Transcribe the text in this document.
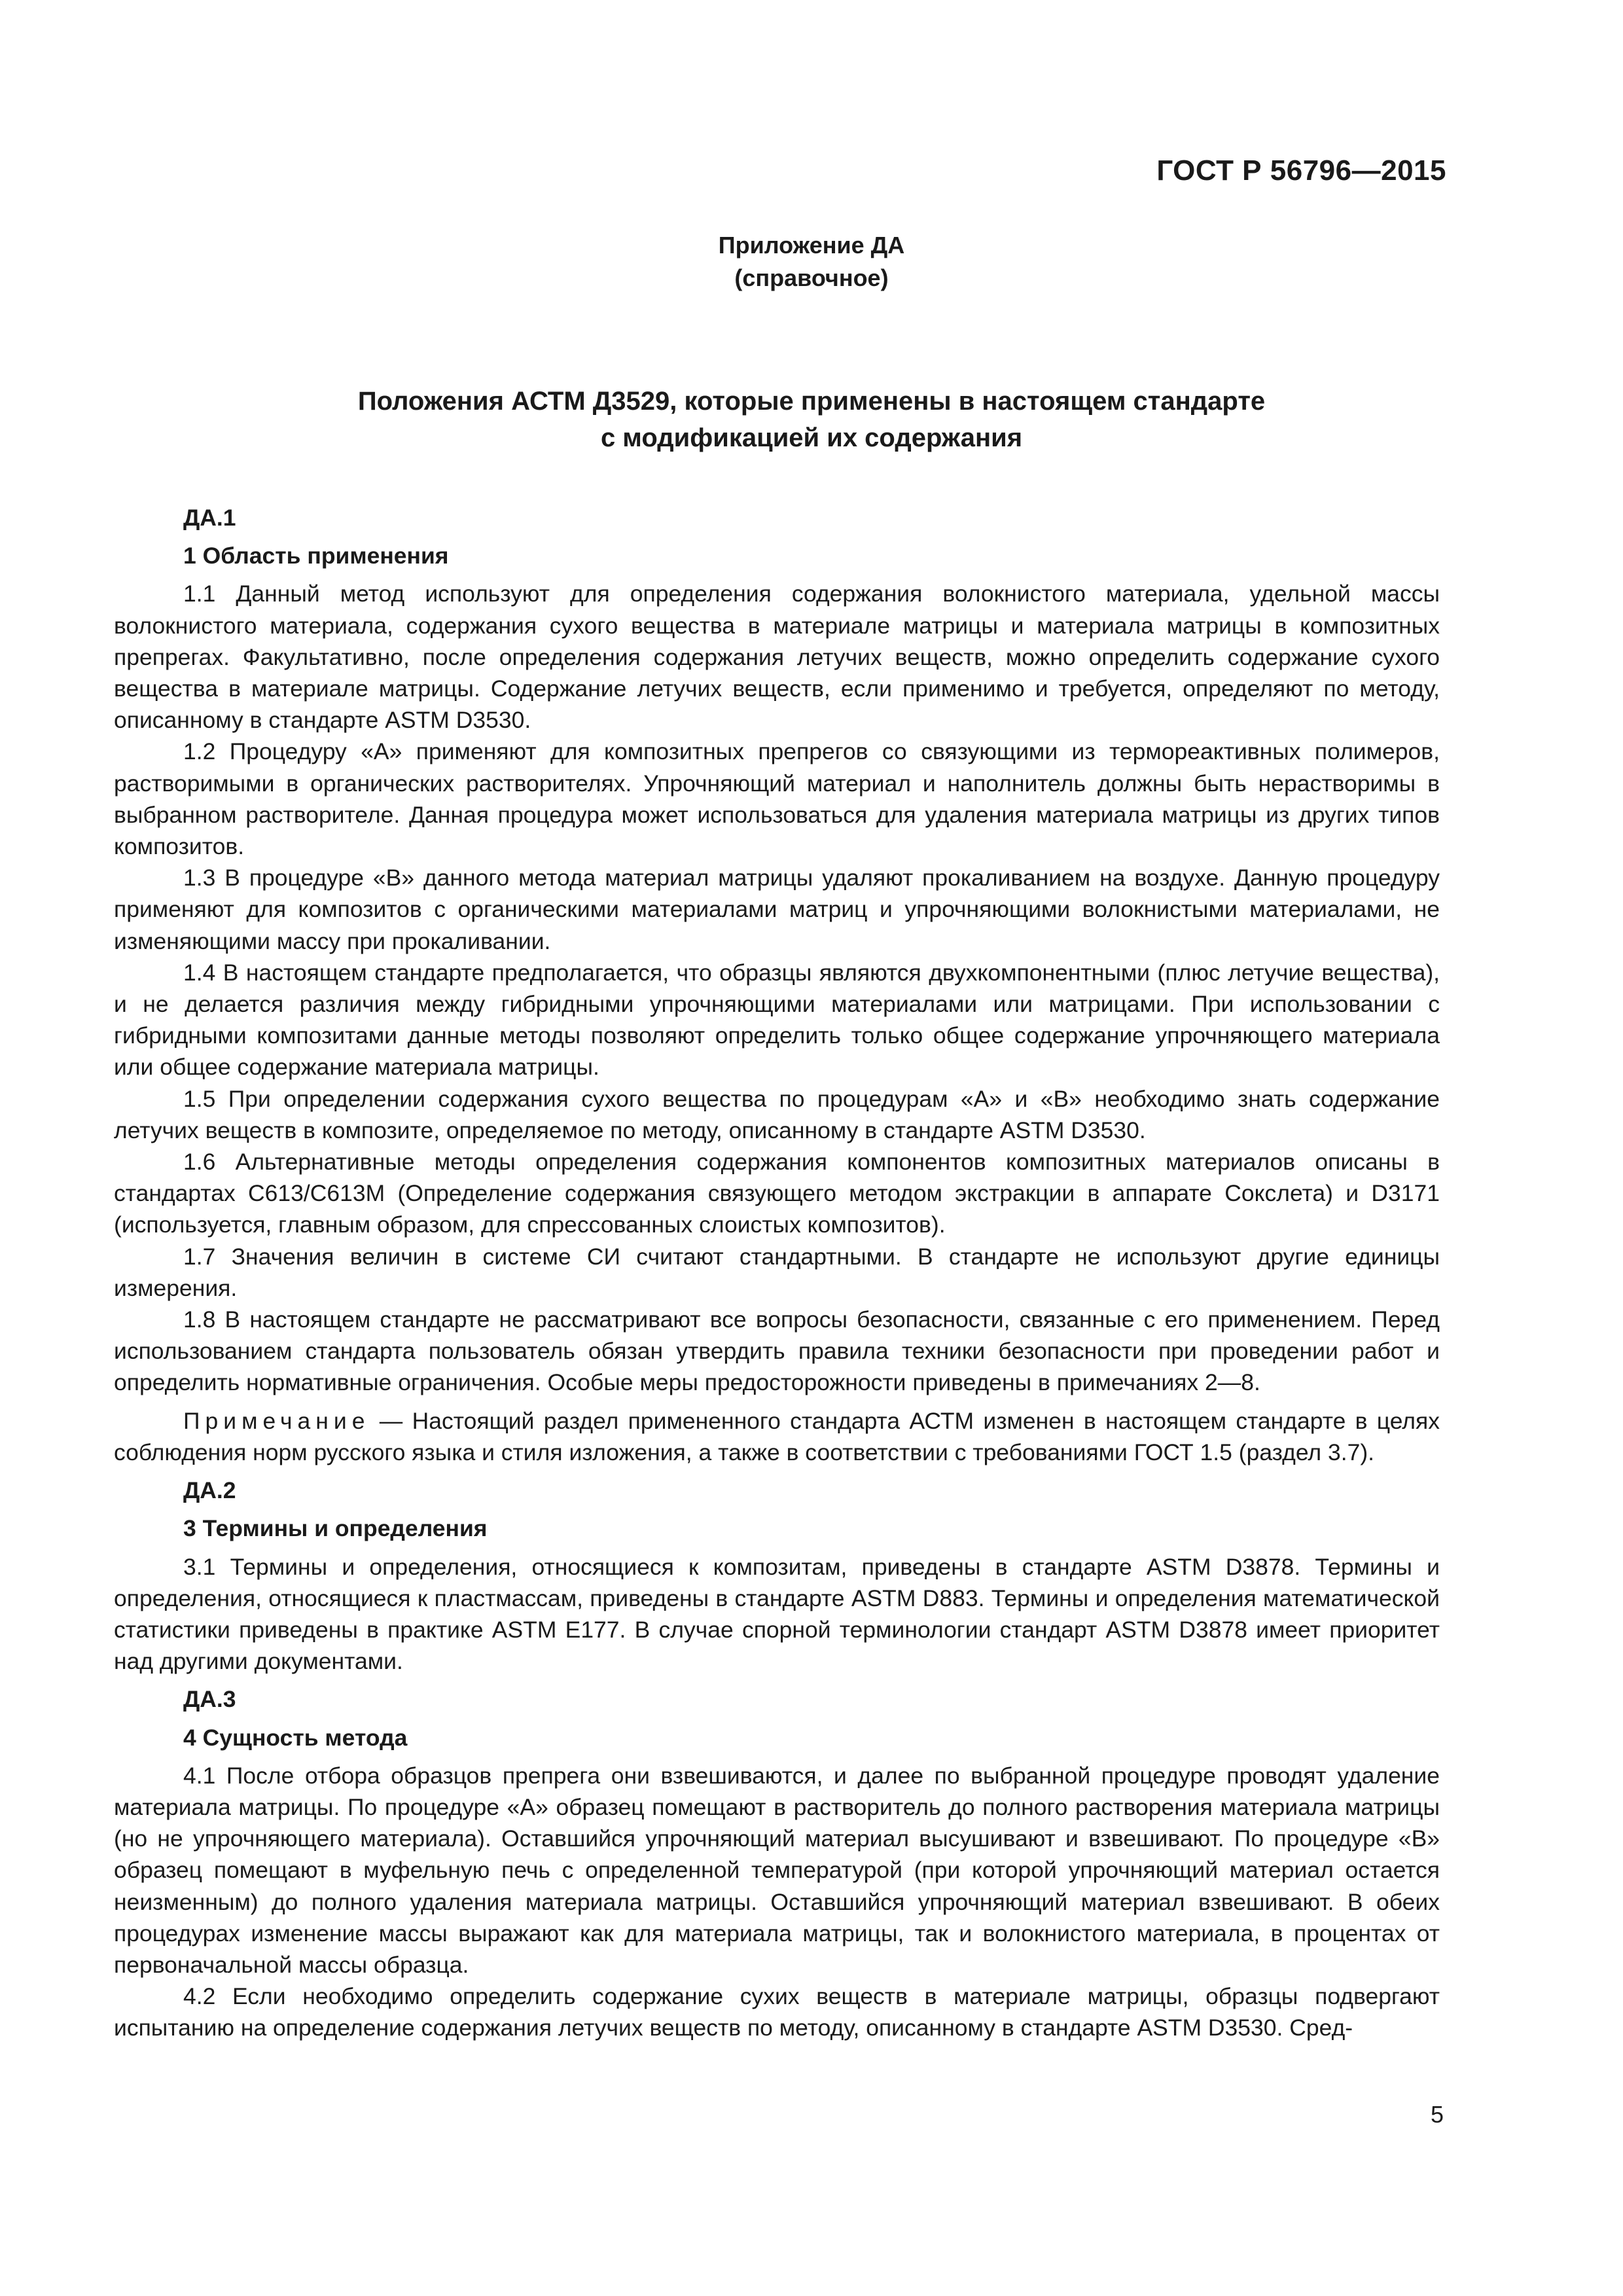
ГОСТ Р 56796—2015
Приложение ДА
(справочное)
Положения АСТМ Д3529, которые применены в настоящем стандарте
с модификацией их содержания
ДА.1
1 Область применения

1.1 Данный метод используют для определения содержания волокнистого материала, удельной массы волокнистого материала, содержания сухого вещества в материале матрицы и материала матрицы в композитных препрегах. Факультативно, после определения содержания летучих веществ, можно определить содержание сухого вещества в материале матрицы. Содержание летучих веществ, если применимо и требуется, определяют по методу, описанному в стандарте ASTM D3530.

1.2 Процедуру «А» применяют для композитных препрегов со связующими из термореактивных полимеров, растворимыми в органических растворителях. Упрочняющий материал и наполнитель должны быть нерастворимы в выбранном растворителе. Данная процедура может использоваться для удаления материала матрицы из других типов композитов.

1.3 В процедуре «В» данного метода материал матрицы удаляют прокаливанием на воздухе. Данную процедуру применяют для композитов с органическими материалами матриц и упрочняющими волокнистыми материалами, не изменяющими массу при прокаливании.

1.4 В настоящем стандарте предполагается, что образцы являются двухкомпонентными (плюс летучие вещества), и не делается различия между гибридными упрочняющими материалами или матрицами. При использовании с гибридными композитами данные методы позволяют определить только общее содержание упрочняющего материала или общее содержание материала матрицы.

1.5 При определении содержания сухого вещества по процедурам «А» и «В» необходимо знать содержание летучих веществ в композите, определяемое по методу, описанному в стандарте ASTM D3530.

1.6 Альтернативные методы определения содержания компонентов композитных материалов описаны в стандартах C613/C613M (Определение содержания связующего методом экстракции в аппарате Сокслета) и D3171 (используется, главным образом, для спрессованных слоистых композитов).

1.7 Значения величин в системе СИ считают стандартными. В стандарте не используют другие единицы измерения.

1.8 В настоящем стандарте не рассматривают все вопросы безопасности, связанные с его применением. Перед использованием стандарта пользователь обязан утвердить правила техники безопасности при проведении работ и определить нормативные ограничения. Особые меры предосторожности приведены в примечаниях 2—8.

Примечание — Настоящий раздел примененного стандарта АСТМ изменен в настоящем стандарте в целях соблюдения норм русского языка и стиля изложения, а также в соответствии с требованиями ГОСТ 1.5 (раздел 3.7).

ДА.2
3 Термины и определения

3.1 Термины и определения, относящиеся к композитам, приведены в стандарте ASTM D3878. Термины и определения, относящиеся к пластмассам, приведены в стандарте ASTM D883. Термины и определения математической статистики приведены в практике ASTM E177. В случае спорной терминологии стандарт ASTM D3878 имеет приоритет над другими документами.

ДА.3
4 Сущность метода

4.1 После отбора образцов препрега они взвешиваются, и далее по выбранной процедуре проводят удаление материала матрицы. По процедуре «А» образец помещают в растворитель до полного растворения материала матрицы (но не упрочняющего материала). Оставшийся упрочняющий материал высушивают и взвешивают. По процедуре «В» образец помещают в муфельную печь с определенной температурой (при которой упрочняющий материал остается неизменным) до полного удаления материала матрицы. Оставшийся упрочняющий материал взвешивают. В обеих процедурах изменение массы выражают как для материала матрицы, так и волокнистого материала, в процентах от первоначальной массы образца.

4.2 Если необходимо определить содержание сухих веществ в материале матрицы, образцы подвергают испытанию на определение содержания летучих веществ по методу, описанному в стандарте ASTM D3530. Сред-

5
